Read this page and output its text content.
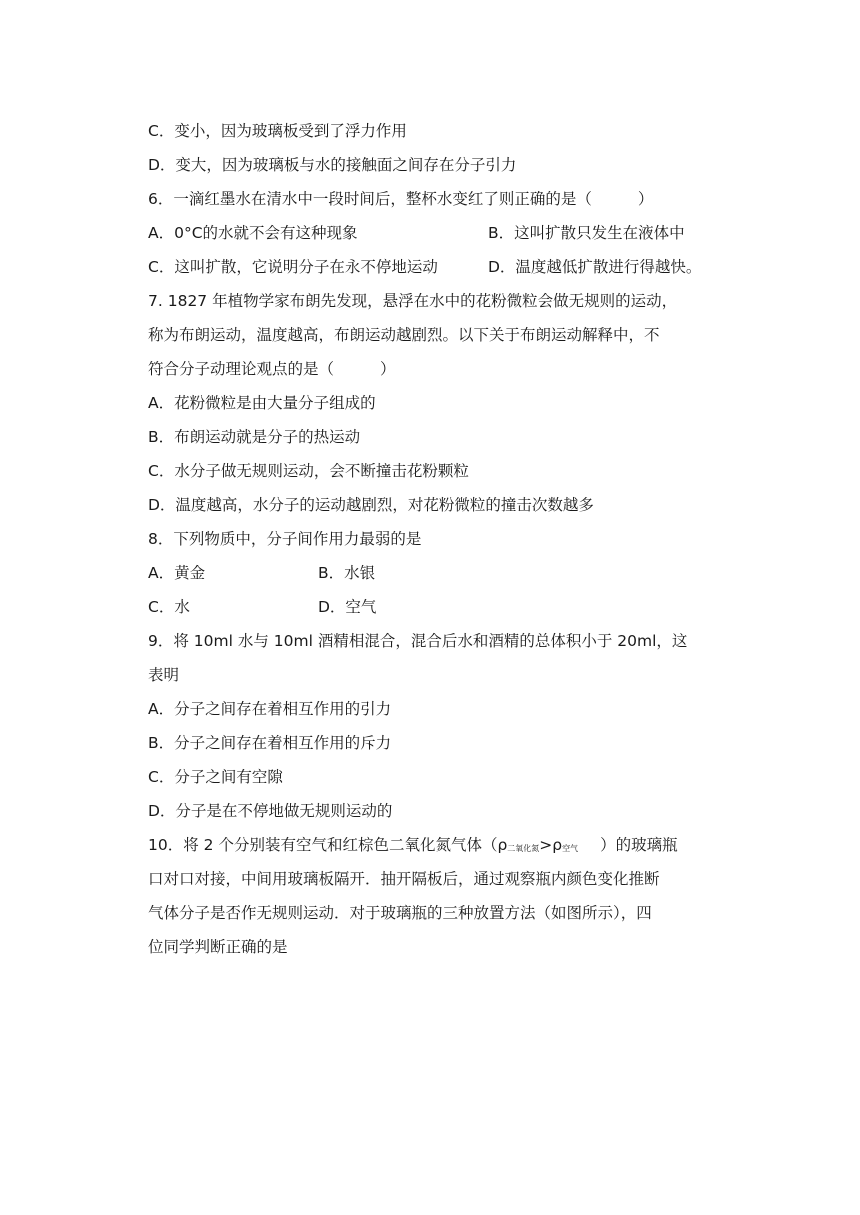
C．变小，因为玻璃板受到了浮力作用
D．变大，因为玻璃板与水的接触面之间存在分子引力
6．一滴红墨水在清水中一段时间后，整杯水变红了则正确的是（	）
A．0°C的水就不会有这种现象	B．这叫扩散只发生在液体中
C．这叫扩散，它说明分子在永不停地运动	D．温度越低扩散进行得越快。
7. 1827 年植物学家布朗先发现，悬浮在水中的花粉微粒会做无规则的运动，
称为布朗运动，温度越高，布朗运动越剧烈。以下关于布朗运动解释中，不
符合分子动理论观点的是（	）
A．花粉微粒是由大量分子组成的
B．布朗运动就是分子的热运动
C．水分子做无规则运动，会不断撞击花粉颗粒
D．温度越高，水分子的运动越剧烈，对花粉微粒的撞击次数越多
8．下列物质中，分子间作用力最弱的是
A．黄金	B．水银
C．水	D．空气
9．将 10ml 水与 10ml 酒精相混合，混合后水和酒精的总体积小于 20ml，这
表明
A．分子之间存在着相互作用的引力
B．分子之间存在着相互作用的斥力
C．分子之间有空隙
D．分子是在不停地做无规则运动的
10．将 2 个分别装有空气和红棕色二氧化氮气体（$\rho_{二氧化氮}>\rho_{空气}$ ）的玻璃瓶
口对口对接，中间用玻璃板隔开．抽开隔板后，通过观察瓶内颜色变化推断
气体分子是否作无规则运动．对于玻璃瓶的三种放置方法（如图所示），四
位同学判断正确的是
